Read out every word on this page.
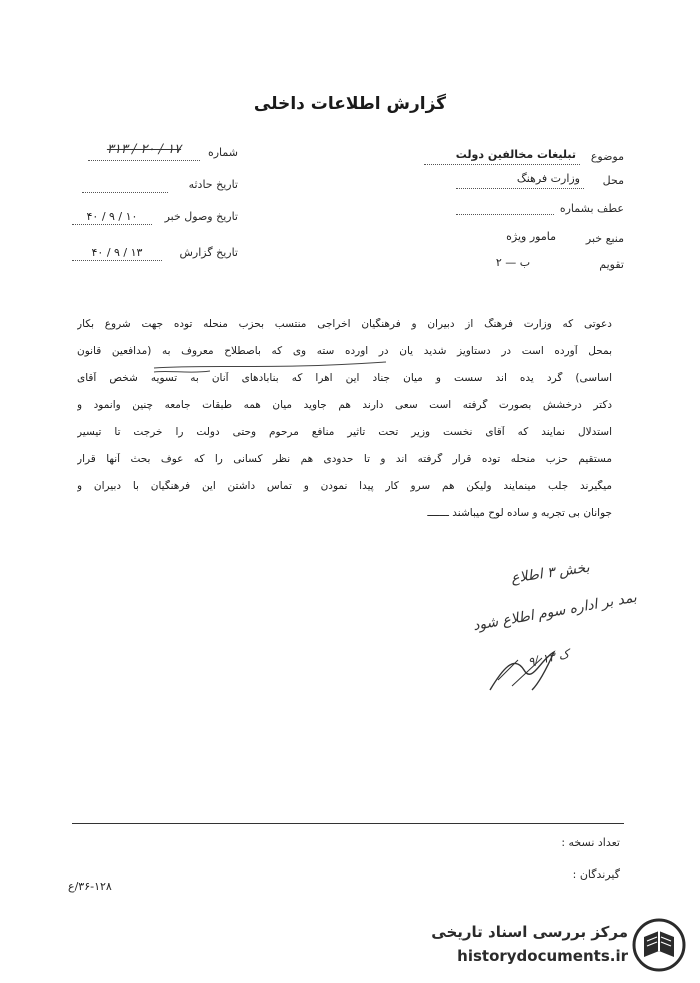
گزارش اطلاعات داخلی
شماره
۳۱۳ / ۲۰ / ۱۷
تاریخ حادثه
تاریخ وصول خبر
۴۰ / ۹ / ۱۰
تاریخ گزارش
۴۰ / ۹ / ۱۳
موضوع
تبلیغات مخالفین دولت
محل
وزارت فرهنگ
عطف بشماره
منبع خبر
مامور ویژه
تقویم
ب — ۲
دعوتی که وزارت فرهنگ از دبیران و فرهنگیان اخراجی منتسب بحزب منحله توده جهت شروع بکار
بمحل آورده است در دستاویز شدید یان در اورده سته وی که باصطلاح معروف به (مدافعین قانون
اساسی) گرد یده اند سست و میان جناد این اهرا که بنابادهای آنان به تسویه شخص آقای
دکتر درخشش بصورت گرفته است سعی دارند هم جاوید میان همه طبقات جامعه چنین وانمود و
استدلال نمایند که آقای نخست وزیر تحت تاثیر منافع مرحوم وحتی دولت را خرجت تا تیسیر
مستقیم حزب منحله توده قرار گرفته اند و تا حدودی هم نظر کسانی را که عوف بحث آنها قرار
میگیرند جلب مینمایند ولیکن هم سرو کار پیدا نمودن و تماس داشتن این فرهنگیان با دبیران و
جوانان بی تجربه و ساده لوح میباشند ـــــــ
بخش ۳ اطلاع
بمد بر اداره سوم اطلاع شود
ک ۱۳ /۹
تعداد نسخه :
گیرندگان :
۳۶-۱۲۸/ع
مرکز بررسی اسناد تاریخی
historydocuments.ir
